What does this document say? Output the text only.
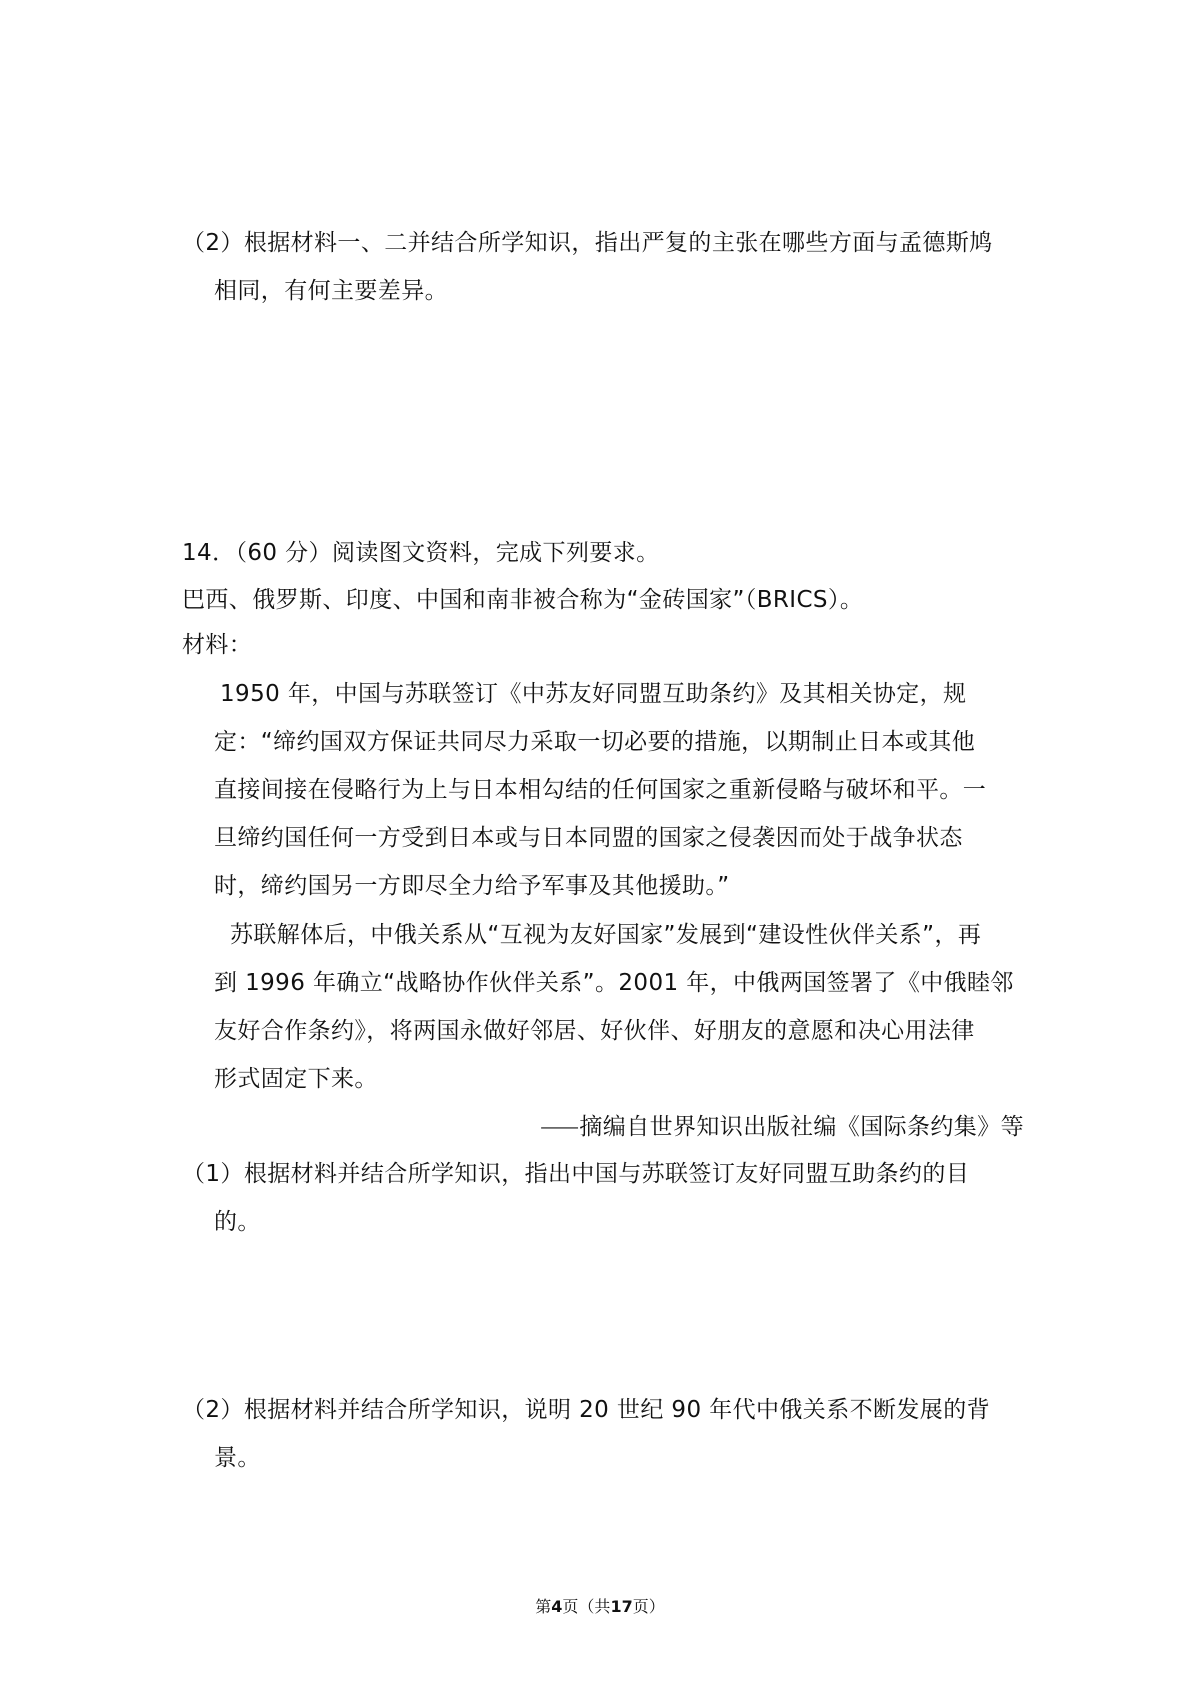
（2）根据材料一、二并结合所学知识，指出严复的主张在哪些方面与孟德斯鸠
相同，有何主要差异。
14．（60 分）阅读图文资料，完成下列要求。
巴西、俄罗斯、印度、中国和南非被合称为“金砖国家”（BRICS）。
材料：
1950 年，中国与苏联签订《中苏友好同盟互助条约》及其相关协定，规
定：“缔约国双方保证共同尽力采取一切必要的措施，以期制止日本或其他
直接间接在侵略行为上与日本相勾结的任何国家之重新侵略与破坏和平。一
旦缔约国任何一方受到日本或与日本同盟的国家之侵袭因而处于战争状态
时，缔约国另一方即尽全力给予军事及其他援助。”
苏联解体后，中俄关系从“互视为友好国家”发展到“建设性伙伴关系”，再
到 1996 年确立“战略协作伙伴关系”。2001 年，中俄两国签署了《中俄睦邻
友好合作条约》，将两国永做好邻居、好伙伴、好朋友的意愿和决心用法律
形式固定下来。
⸺摘编自世界知识出版社编《国际条约集》等
（1）根据材料并结合所学知识，指出中国与苏联签订友好同盟互助条约的目
的。
（2）根据材料并结合所学知识，说明 20 世纪 90 年代中俄关系不断发展的背
景。
第4页（共17页）
